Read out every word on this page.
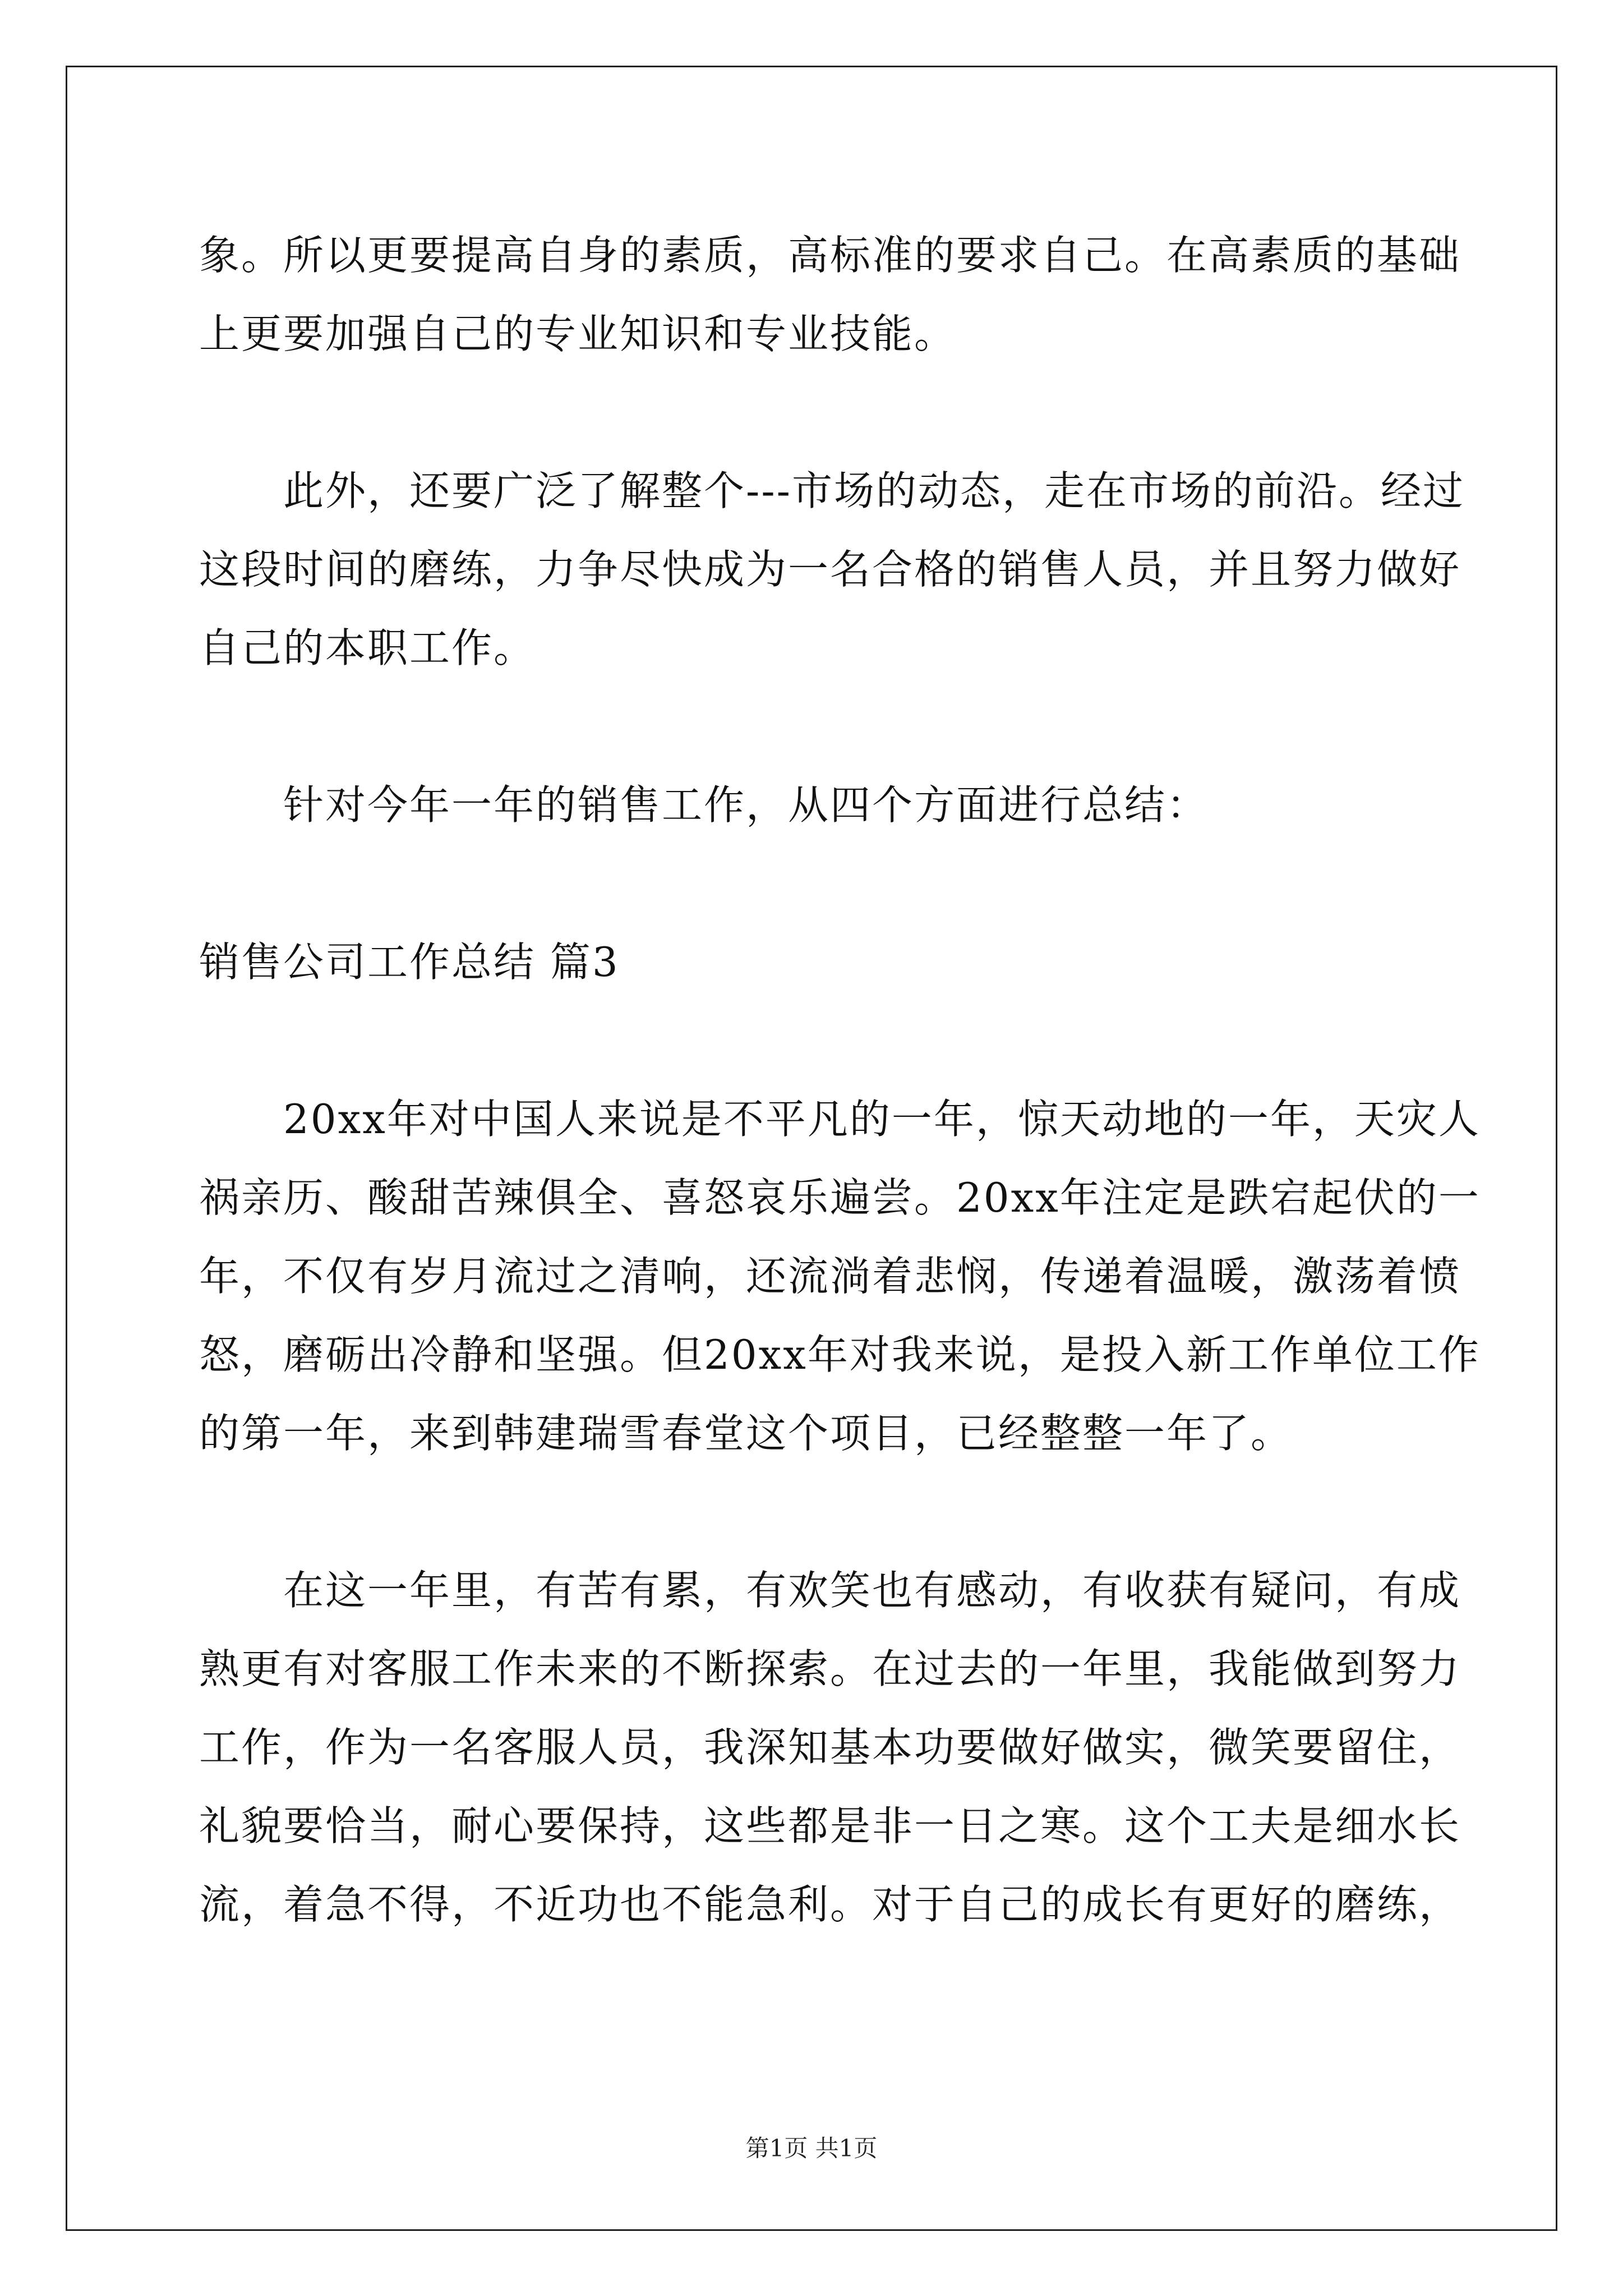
象。所以更要提高自身的素质，高标准的要求自己。在高素质的基础
上更要加强自己的专业知识和专业技能。
此外，还要广泛了解整个---市场的动态，走在市场的前沿。经过
这段时间的磨练，力争尽快成为一名合格的销售人员，并且努力做好
自己的本职工作。
针对今年一年的销售工作，从四个方面进行总结：
销售公司工作总结 篇3
20xx年对中国人来说是不平凡的一年，惊天动地的一年，天灾人
祸亲历、酸甜苦辣俱全、喜怒哀乐遍尝。20xx年注定是跌宕起伏的一
年，不仅有岁月流过之清响，还流淌着悲悯，传递着温暖，激荡着愤
怒，磨砺出冷静和坚强。但20xx年对我来说，是投入新工作单位工作
的第一年，来到韩建瑞雪春堂这个项目，已经整整一年了。
在这一年里，有苦有累，有欢笑也有感动，有收获有疑问，有成
熟更有对客服工作未来的不断探索。在过去的一年里，我能做到努力
工作，作为一名客服人员，我深知基本功要做好做实，微笑要留住，
礼貌要恰当，耐心要保持，这些都是非一日之寒。这个工夫是细水长
流，着急不得，不近功也不能急利。对于自己的成长有更好的磨练，
第1页 共1页
